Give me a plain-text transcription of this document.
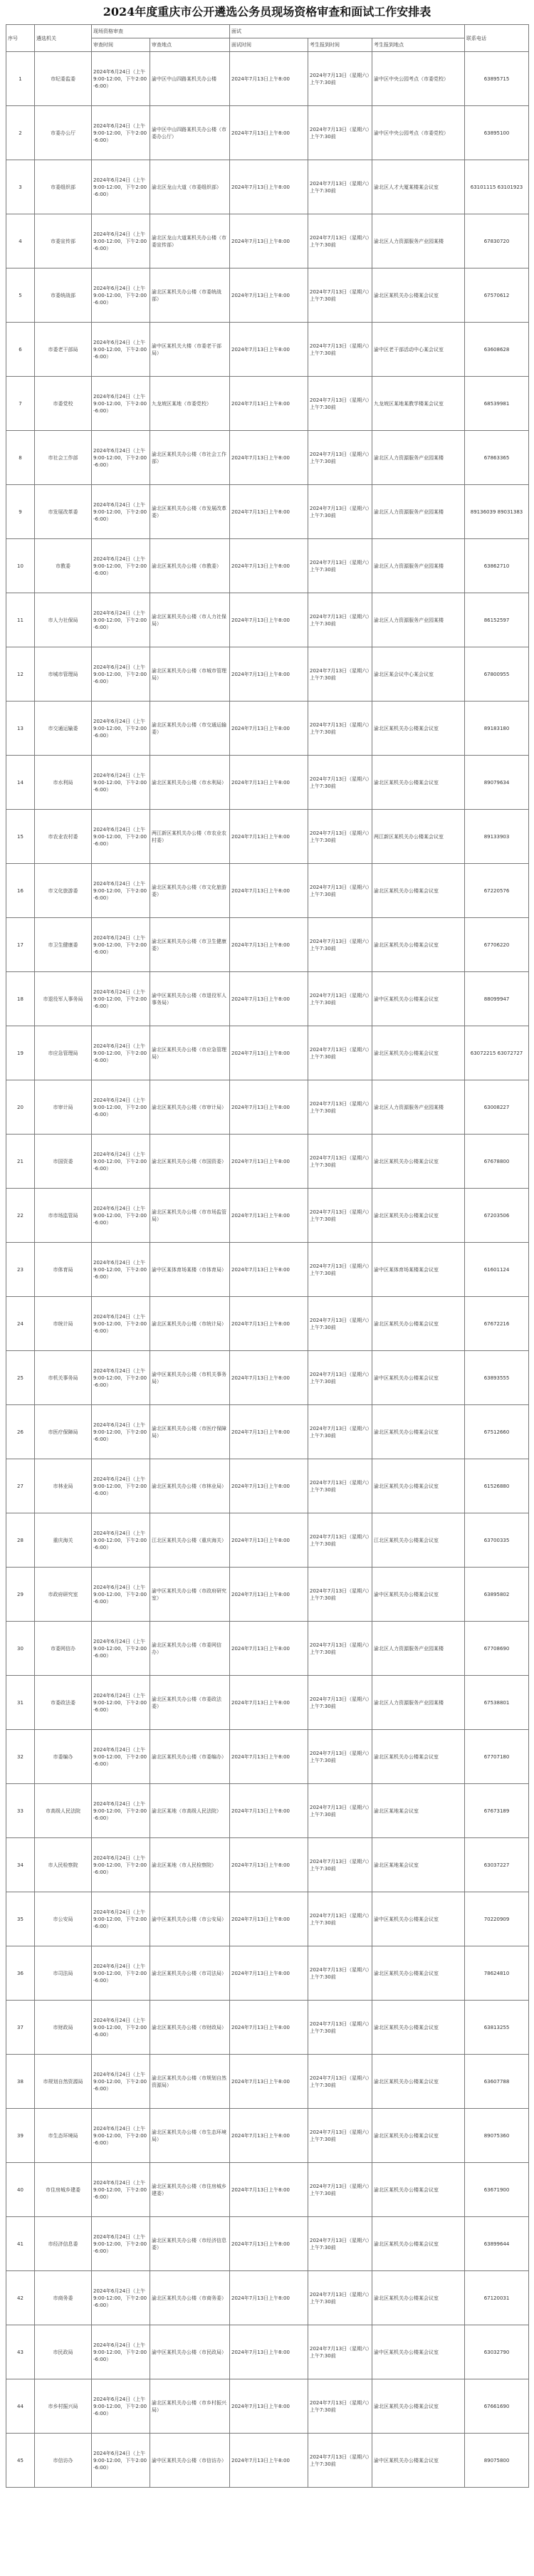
2024年度重庆市公开遴选公务员现场资格审查和面试工作安排表
序号	遴选机关	现场资格审查		面试			联系电话
		审查时间	审查地点	面试时间	考生报到时间	考生报到地点	
1	市纪委监委	2024年6月24日（上午9:00-12:00，下午2:00-6:00）	渝中区中山四路某机关办公楼	2024年7月13日上午8:00	2024年7月13日（星期六）上午7:30前	渝中区中央公园考点（市委党校）	63895715
2	市委办公厅	2024年6月24日（上午9:00-12:00，下午2:00-6:00）	渝中区中山四路某机关办公楼（市委办公厅）	2024年7月13日上午8:00	2024年7月13日（星期六）上午7:30前	渝中区中央公园考点（市委党校）	63895100
3	市委组织部	2024年6月24日（上午9:00-12:00，下午2:00-6:00）	渝北区龙山大道（市委组织部）	2024年7月13日上午8:00	2024年7月13日（星期六）上午7:30前	渝北区人才大厦某楼某会议室	63101115 63101923
4	市委宣传部	2024年6月24日（上午9:00-12:00，下午2:00-6:00）	渝北区龙山大道某机关办公楼（市委宣传部）	2024年7月13日上午8:00	2024年7月13日（星期六）上午7:30前	渝北区人力资源服务产业园某楼	67830720
5	市委统战部	2024年6月24日（上午9:00-12:00，下午2:00-6:00）	渝北区某机关办公楼（市委统战部）	2024年7月13日上午8:00	2024年7月13日（星期六）上午7:30前	渝北区某机关办公楼某会议室	67570612
6	市委老干部局	2024年6月24日（上午9:00-12:00，下午2:00-6:00）	渝中区某机关大楼（市委老干部局）	2024年7月13日上午8:00	2024年7月13日（星期六）上午7:30前	渝中区老干部活动中心某会议室	63608628
7	市委党校	2024年6月24日（上午9:00-12:00，下午2:00-6:00）	九龙坡区某地（市委党校）	2024年7月13日上午8:00	2024年7月13日（星期六）上午7:30前	九龙坡区某地某教学楼某会议室	68539981
8	市社会工作部	2024年6月24日（上午9:00-12:00，下午2:00-6:00）	渝北区某机关办公楼（市社会工作部）	2024年7月13日上午8:00	2024年7月13日（星期六）上午7:30前	渝北区人力资源服务产业园某楼	67863365
9	市发展改革委	2024年6月24日（上午9:00-12:00，下午2:00-6:00）	渝北区某机关办公楼（市发展改革委）	2024年7月13日上午8:00	2024年7月13日（星期六）上午7:30前	渝北区人力资源服务产业园某楼	89136039 89031383
10	市教委	2024年6月24日（上午9:00-12:00，下午2:00-6:00）	渝北区某机关办公楼（市教委）	2024年7月13日上午8:00	2024年7月13日（星期六）上午7:30前	渝北区人力资源服务产业园某楼	63862710
11	市人力社保局	2024年6月24日（上午9:00-12:00，下午2:00-6:00）	渝北区某机关办公楼（市人力社保局）	2024年7月13日上午8:00	2024年7月13日（星期六）上午7:30前	渝北区人力资源服务产业园某楼	86152597
12	市城市管理局	2024年6月24日（上午9:00-12:00，下午2:00-6:00）	渝北区某机关办公楼（市城市管理局）	2024年7月13日上午8:00	2024年7月13日（星期六）上午7:30前	渝北区某会议中心某会议室	67800955
13	市交通运输委	2024年6月24日（上午9:00-12:00，下午2:00-6:00）	渝北区某机关办公楼（市交通运输委）	2024年7月13日上午8:00	2024年7月13日（星期六）上午7:30前	渝北区某机关办公楼某会议室	89183180
14	市水利局	2024年6月24日（上午9:00-12:00，下午2:00-6:00）	渝北区某机关办公楼（市水利局）	2024年7月13日上午8:00	2024年7月13日（星期六）上午7:30前	渝北区某机关办公楼某会议室	89079634
15	市农业农村委	2024年6月24日（上午9:00-12:00，下午2:00-6:00）	两江新区某机关办公楼（市农业农村委）	2024年7月13日上午8:00	2024年7月13日（星期六）上午7:30前	两江新区某机关办公楼某会议室	89133903
16	市文化旅游委	2024年6月24日（上午9:00-12:00，下午2:00-6:00）	渝北区某机关办公楼（市文化旅游委）	2024年7月13日上午8:00	2024年7月13日（星期六）上午7:30前	渝北区某机关办公楼某会议室	67220576
17	市卫生健康委	2024年6月24日（上午9:00-12:00，下午2:00-6:00）	渝北区某机关办公楼（市卫生健康委）	2024年7月13日上午8:00	2024年7月13日（星期六）上午7:30前	渝北区某机关办公楼某会议室	67706220
18	市退役军人事务局	2024年6月24日（上午9:00-12:00，下午2:00-6:00）	渝中区某机关办公楼（市退役军人事务局）	2024年7月13日上午8:00	2024年7月13日（星期六）上午7:30前	渝中区某机关办公楼某会议室	88099947
19	市应急管理局	2024年6月24日（上午9:00-12:00，下午2:00-6:00）	渝北区某机关办公楼（市应急管理局）	2024年7月13日上午8:00	2024年7月13日（星期六）上午7:30前	渝北区某机关办公楼某会议室	63072215 63072727
20	市审计局	2024年6月24日（上午9:00-12:00，下午2:00-6:00）	渝北区某机关办公楼（市审计局）	2024年7月13日上午8:00	2024年7月13日（星期六）上午7:30前	渝北区人力资源服务产业园某楼	63008227
21	市国资委	2024年6月24日（上午9:00-12:00，下午2:00-6:00）	渝北区某机关办公楼（市国资委）	2024年7月13日上午8:00	2024年7月13日（星期六）上午7:30前	渝北区某机关办公楼某会议室	67678800
22	市市场监管局	2024年6月24日（上午9:00-12:00，下午2:00-6:00）	渝北区某机关办公楼（市市场监管局）	2024年7月13日上午8:00	2024年7月13日（星期六）上午7:30前	渝北区某机关办公楼某会议室	67203506
23	市体育局	2024年6月24日（上午9:00-12:00，下午2:00-6:00）	渝中区某体育场某楼（市体育局）	2024年7月13日上午8:00	2024年7月13日（星期六）上午7:30前	渝中区某体育场某楼某会议室	61601124
24	市统计局	2024年6月24日（上午9:00-12:00，下午2:00-6:00）	渝北区某机关办公楼（市统计局）	2024年7月13日上午8:00	2024年7月13日（星期六）上午7:30前	渝北区某机关办公楼某会议室	67672216
25	市机关事务局	2024年6月24日（上午9:00-12:00，下午2:00-6:00）	渝中区某机关办公楼（市机关事务局）	2024年7月13日上午8:00	2024年7月13日（星期六）上午7:30前	渝中区某机关办公楼某会议室	63893555
26	市医疗保障局	2024年6月24日（上午9:00-12:00，下午2:00-6:00）	渝北区某机关办公楼（市医疗保障局）	2024年7月13日上午8:00	2024年7月13日（星期六）上午7:30前	渝北区某机关办公楼某会议室	67512660
27	市林业局	2024年6月24日（上午9:00-12:00，下午2:00-6:00）	渝北区某机关办公楼（市林业局）	2024年7月13日上午8:00	2024年7月13日（星期六）上午7:30前	渝北区某机关办公楼某会议室	61526880
28	重庆海关	2024年6月24日（上午9:00-12:00，下午2:00-6:00）	江北区某机关办公楼（重庆海关）	2024年7月13日上午8:00	2024年7月13日（星期六）上午7:30前	江北区某机关办公楼某会议室	63700335
29	市政府研究室	2024年6月24日（上午9:00-12:00，下午2:00-6:00）	渝中区某机关办公楼（市政府研究室）	2024年7月13日上午8:00	2024年7月13日（星期六）上午7:30前	渝中区某机关办公楼某会议室	63895802
30	市委网信办	2024年6月24日（上午9:00-12:00，下午2:00-6:00）	渝北区某机关办公楼（市委网信办）	2024年7月13日上午8:00	2024年7月13日（星期六）上午7:30前	渝北区人力资源服务产业园某楼	67708690
31	市委政法委	2024年6月24日（上午9:00-12:00，下午2:00-6:00）	渝北区某机关办公楼（市委政法委）	2024年7月13日上午8:00	2024年7月13日（星期六）上午7:30前	渝北区人力资源服务产业园某楼	67538801
32	市委编办	2024年6月24日（上午9:00-12:00，下午2:00-6:00）	渝北区某机关办公楼（市委编办）	2024年7月13日上午8:00	2024年7月13日（星期六）上午7:30前	渝北区某机关办公楼某会议室	67707180
33	市高级人民法院	2024年6月24日（上午9:00-12:00，下午2:00-6:00）	渝北区某地（市高级人民法院）	2024年7月13日上午8:00	2024年7月13日（星期六）上午7:30前	渝北区某地某会议室	67673189
34	市人民检察院	2024年6月24日（上午9:00-12:00，下午2:00-6:00）	渝北区某地（市人民检察院）	2024年7月13日上午8:00	2024年7月13日（星期六）上午7:30前	渝北区某地某会议室	63037227
35	市公安局	2024年6月24日（上午9:00-12:00，下午2:00-6:00）	渝中区某机关办公楼（市公安局）	2024年7月13日上午8:00	2024年7月13日（星期六）上午7:30前	渝中区某机关办公楼某会议室	70220909
36	市司法局	2024年6月24日（上午9:00-12:00，下午2:00-6:00）	渝北区某机关办公楼（市司法局）	2024年7月13日上午8:00	2024年7月13日（星期六）上午7:30前	渝北区某机关办公楼某会议室	78624810
37	市财政局	2024年6月24日（上午9:00-12:00，下午2:00-6:00）	渝北区某机关办公楼（市财政局）	2024年7月13日上午8:00	2024年7月13日（星期六）上午7:30前	渝北区某机关办公楼某会议室	63813255
38	市规划自然资源局	2024年6月24日（上午9:00-12:00，下午2:00-6:00）	渝北区某机关办公楼（市规划自然资源局）	2024年7月13日上午8:00	2024年7月13日（星期六）上午7:30前	渝北区某机关办公楼某会议室	63607788
39	市生态环境局	2024年6月24日（上午9:00-12:00，下午2:00-6:00）	渝北区某机关办公楼（市生态环境局）	2024年7月13日上午8:00	2024年7月13日（星期六）上午7:30前	渝北区某机关办公楼某会议室	89075360
40	市住房城乡建委	2024年6月24日（上午9:00-12:00，下午2:00-6:00）	渝北区某机关办公楼（市住房城乡建委）	2024年7月13日上午8:00	2024年7月13日（星期六）上午7:30前	渝北区某机关办公楼某会议室	63671900
41	市经济信息委	2024年6月24日（上午9:00-12:00，下午2:00-6:00）	渝北区某机关办公楼（市经济信息委）	2024年7月13日上午8:00	2024年7月13日（星期六）上午7:30前	渝北区某机关办公楼某会议室	63899644
42	市商务委	2024年6月24日（上午9:00-12:00，下午2:00-6:00）	渝北区某机关办公楼（市商务委）	2024年7月13日上午8:00	2024年7月13日（星期六）上午7:30前	渝北区某机关办公楼某会议室	67120031
43	市民政局	2024年6月24日（上午9:00-12:00，下午2:00-6:00）	渝中区某机关办公楼（市民政局）	2024年7月13日上午8:00	2024年7月13日（星期六）上午7:30前	渝中区某机关办公楼某会议室	63032790
44	市乡村振兴局	2024年6月24日（上午9:00-12:00，下午2:00-6:00）	渝北区某机关办公楼（市乡村振兴局）	2024年7月13日上午8:00	2024年7月13日（星期六）上午7:30前	渝北区某机关办公楼某会议室	67661690
45	市信访办	2024年6月24日（上午9:00-12:00，下午2:00-6:00）	渝中区某机关办公楼（市信访办）	2024年7月13日上午8:00	2024年7月13日（星期六）上午7:30前	渝中区某机关办公楼某会议室	89075800
